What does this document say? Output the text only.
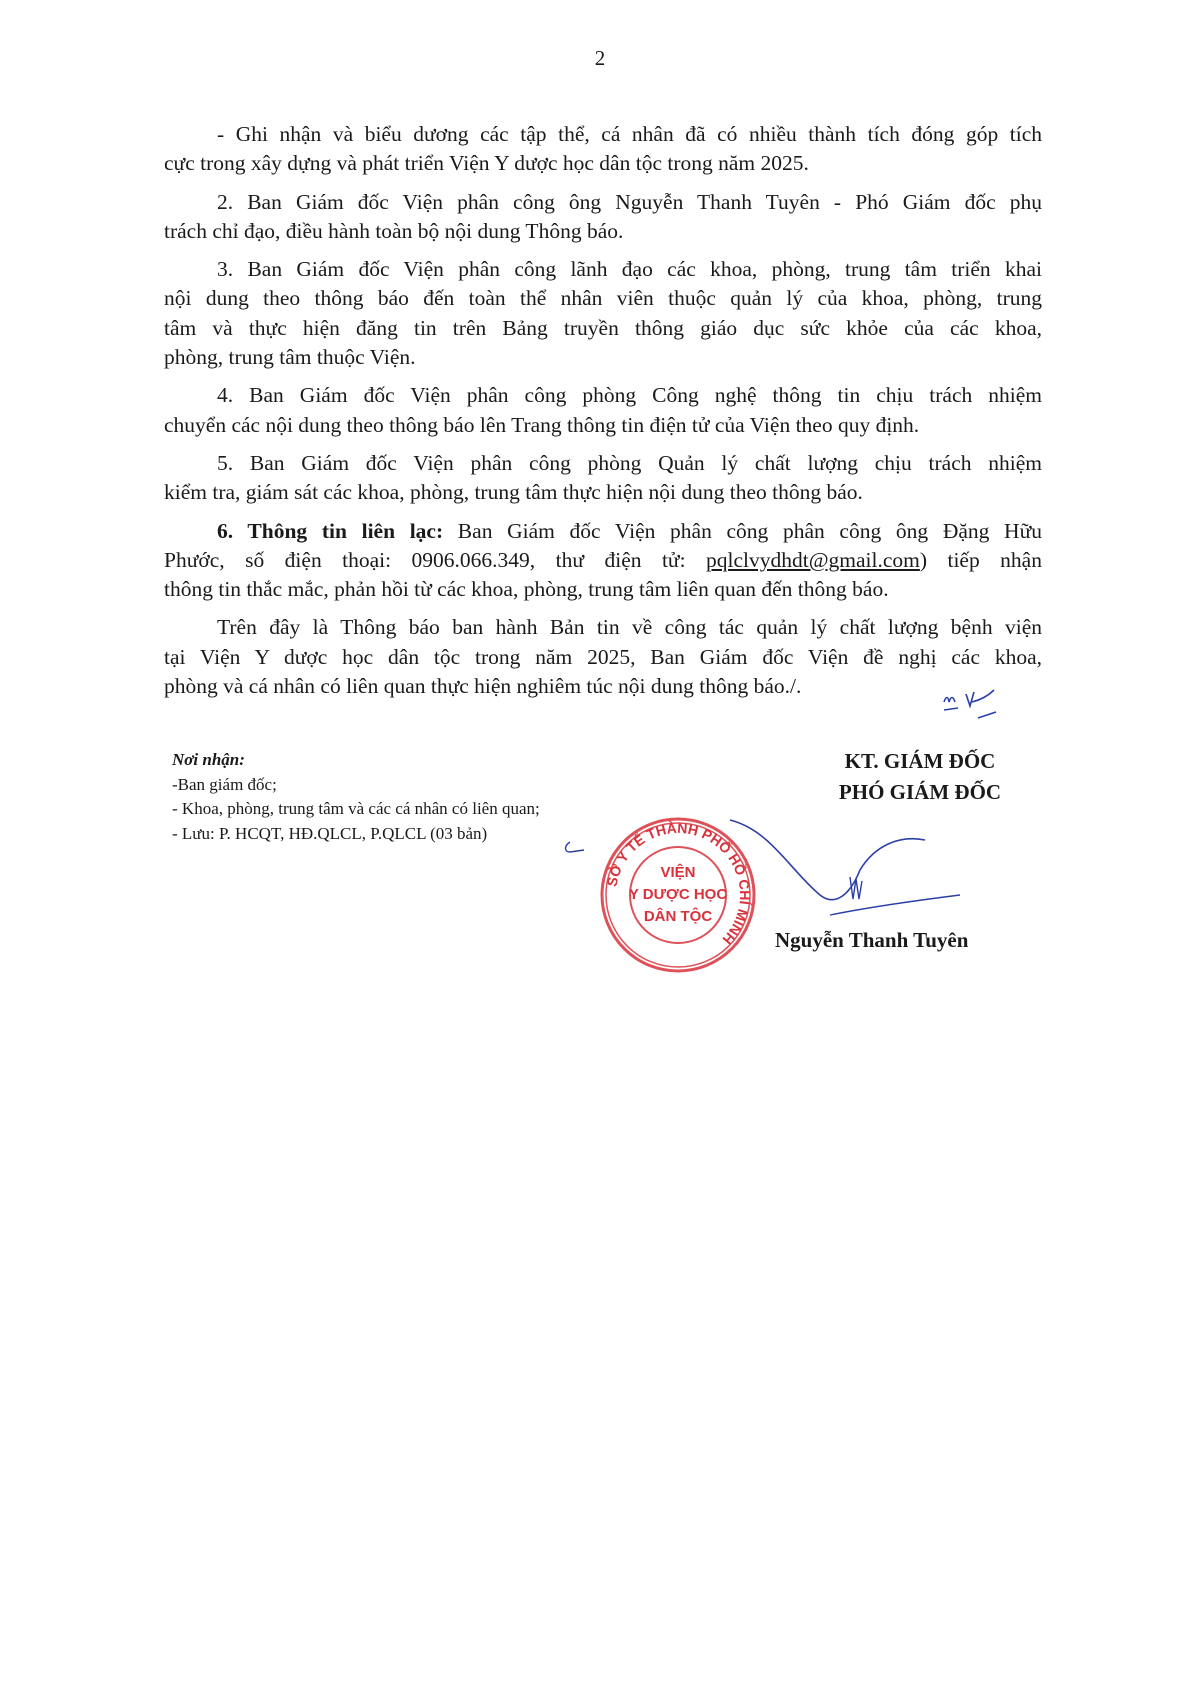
2
- Ghi nhận và biểu dương các tập thể, cá nhân đã có nhiều thành tích đóng góp tích
cực trong xây dựng và phát triển Viện Y dược học dân tộc trong năm 2025.
2. Ban Giám đốc Viện phân công ông Nguyễn Thanh Tuyên - Phó Giám đốc phụ
trách chỉ đạo, điều hành toàn bộ nội dung Thông báo.
3. Ban Giám đốc Viện phân công lãnh đạo các khoa, phòng, trung tâm triển khai
nội dung theo thông báo đến toàn thể nhân viên thuộc quản lý của khoa, phòng, trung
tâm và thực hiện đăng tin trên Bảng truyền thông giáo dục sức khỏe của các khoa,
phòng, trung tâm thuộc Viện.
4. Ban Giám đốc Viện phân công phòng Công nghệ thông tin chịu trách nhiệm
chuyển các nội dung theo thông báo lên Trang thông tin điện tử của Viện theo quy định.
5. Ban Giám đốc Viện phân công phòng Quản lý chất lượng chịu trách nhiệm
kiểm tra, giám sát các khoa, phòng, trung tâm thực hiện nội dung theo thông báo.
6. Thông tin liên lạc: Ban Giám đốc Viện phân công phân công ông Đặng Hữu
Phước, số điện thoại: 0906.066.349, thư điện tử: pqlclvydhdt@gmail.com) tiếp nhận
thông tin thắc mắc, phản hồi từ các khoa, phòng, trung tâm liên quan đến thông báo.
Trên đây là Thông báo ban hành Bản tin về công tác quản lý chất lượng bệnh viện
tại Viện Y dược học dân tộc trong năm 2025, Ban Giám đốc Viện đề nghị các khoa,
phòng và cá nhân có liên quan thực hiện nghiêm túc nội dung thông báo./.
Nơi nhận:
-Ban giám đốc;
- Khoa, phòng, trung tâm và các cá nhân có liên quan;
- Lưu: P. HCQT, HĐ.QLCL, P.QLCL (03 bản)
SỞ Y TẾ THÀNH PHỐ HỒ CHÍ MINH
VIỆN
Y DƯỢC HỌC
DÂN TỘC
KT. GIÁM ĐỐC
PHÓ GIÁM ĐỐC
Nguyễn Thanh Tuyên
